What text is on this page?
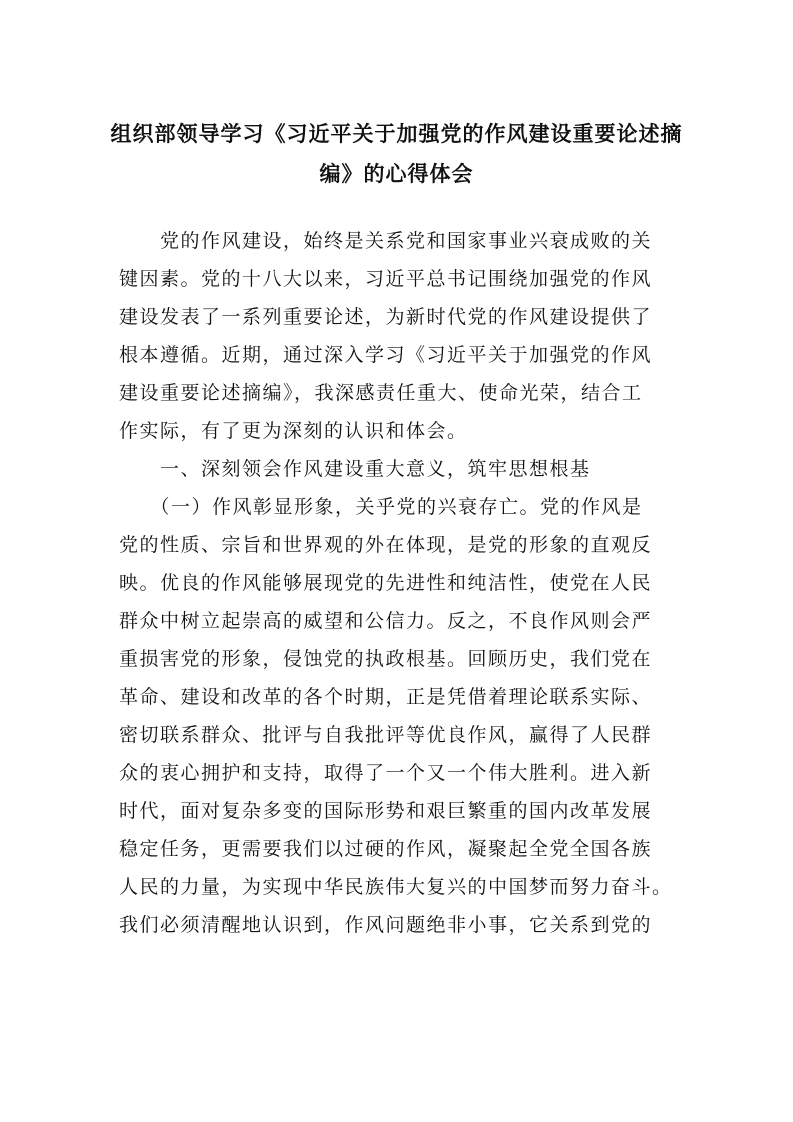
组织部领导学习《习近平关于加强党的作风建设重要论述摘
编》的心得体会
　　党的作风建设，始终是关系党和国家事业兴衰成败的关
键因素。党的十八大以来，习近平总书记围绕加强党的作风
建设发表了一系列重要论述，为新时代党的作风建设提供了
根本遵循。近期，通过深入学习《习近平关于加强党的作风
建设重要论述摘编》，我深感责任重大、使命光荣，结合工
作实际，有了更为深刻的认识和体会。
　　一、深刻领会作风建设重大意义，筑牢思想根基
　　（一）作风彰显形象，关乎党的兴衰存亡。党的作风是
党的性质、宗旨和世界观的外在体现，是党的形象的直观反
映。优良的作风能够展现党的先进性和纯洁性，使党在人民
群众中树立起崇高的威望和公信力。反之，不良作风则会严
重损害党的形象，侵蚀党的执政根基。回顾历史，我们党在
革命、建设和改革的各个时期，正是凭借着理论联系实际、
密切联系群众、批评与自我批评等优良作风，赢得了人民群
众的衷心拥护和支持，取得了一个又一个伟大胜利。进入新
时代，面对复杂多变的国际形势和艰巨繁重的国内改革发展
稳定任务，更需要我们以过硬的作风，凝聚起全党全国各族
人民的力量，为实现中华民族伟大复兴的中国梦而努力奋斗。
我们必须清醒地认识到，作风问题绝非小事，它关系到党的
